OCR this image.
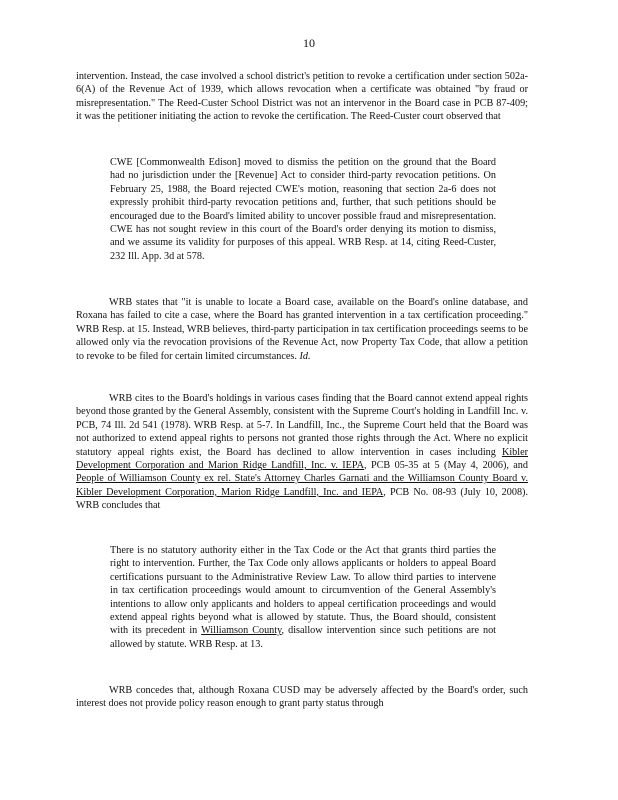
10

intervention. Instead, the case involved a school district's petition to revoke a certification under section 502a-6(A) of the Revenue Act of 1939, which allows revocation when a certificate was obtained "by fraud or misrepresentation." The Reed-Custer School District was not an intervenor in the Board case in PCB 87-409; it was the petitioner initiating the action to revoke the certification. The Reed-Custer court observed that

CWE [Commonwealth Edison] moved to dismiss the petition on the ground that the Board had no jurisdiction under the [Revenue] Act to consider third-party revocation petitions. On February 25, 1988, the Board rejected CWE's motion, reasoning that section 2a-6 does not expressly prohibit third-party revocation petitions and, further, that such petitions should be encouraged due to the Board's limited ability to uncover possible fraud and misrepresentation. CWE has not sought review in this court of the Board's order denying its motion to dismiss, and we assume its validity for purposes of this appeal. WRB Resp. at 14, citing Reed-Custer, 232 Ill. App. 3d at 578.

WRB states that "it is unable to locate a Board case, available on the Board's online database, and Roxana has failed to cite a case, where the Board has granted intervention in a tax certification proceeding." WRB Resp. at 15. Instead, WRB believes, third-party participation in tax certification proceedings seems to be allowed only via the revocation provisions of the Revenue Act, now Property Tax Code, that allow a petition to revoke to be filed for certain limited circumstances. Id.

WRB cites to the Board's holdings in various cases finding that the Board cannot extend appeal rights beyond those granted by the General Assembly, consistent with the Supreme Court's holding in Landfill Inc. v. PCB, 74 Ill. 2d 541 (1978). WRB Resp. at 5-7. In Landfill, Inc., the Supreme Court held that the Board was not authorized to extend appeal rights to persons not granted those rights through the Act. Where no explicit statutory appeal rights exist, the Board has declined to allow intervention in cases including Kibler Development Corporation and Marion Ridge Landfill, Inc. v. IEPA, PCB 05-35 at 5 (May 4, 2006), and People of Williamson County ex rel. State's Attorney Charles Garnati and the Williamson County Board v. Kibler Development Corporation, Marion Ridge Landfill, Inc. and IEPA, PCB No. 08-93 (July 10, 2008). WRB concludes that

There is no statutory authority either in the Tax Code or the Act that grants third parties the right to intervention. Further, the Tax Code only allows applicants or holders to appeal Board certifications pursuant to the Administrative Review Law. To allow third parties to intervene in tax certification proceedings would amount to circumvention of the General Assembly's intentions to allow only applicants and holders to appeal certification proceedings and would extend appeal rights beyond what is allowed by statute. Thus, the Board should, consistent with its precedent in Williamson County, disallow intervention since such petitions are not allowed by statute. WRB Resp. at 13.

WRB concedes that, although Roxana CUSD may be adversely affected by the Board's order, such interest does not provide policy reason enough to grant party status through
